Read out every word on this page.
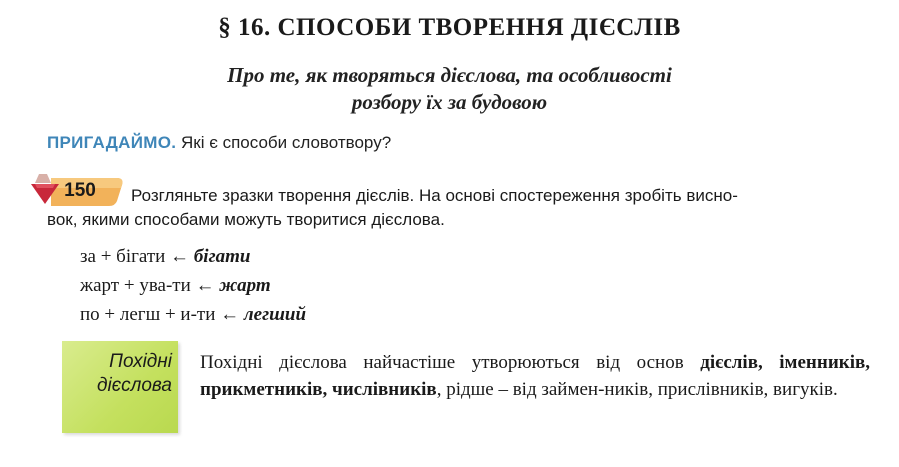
§ 16. СПОСОБИ ТВОРЕННЯ ДІЄСЛІВ
Про те, як творяться дієслова, та особливості
розбору їх за будовою
ПРИГАДАЙМО. Які є способи словотвору?
150	Розгляньте зразки творення дієслів. На основі спостереження зробіть висно-
вок, якими способами можуть творитися дієслова.
за + бігати ← бігати
жарт + ува-ти ← жарт
по + легш + и-ти ← легший
Похідні
дієслова
Похідні дієслова найчастіше утворюються від основ дієслів, іменників, прикметників, числівників, рідше – від займен-ників, прислівників, вигуків.
